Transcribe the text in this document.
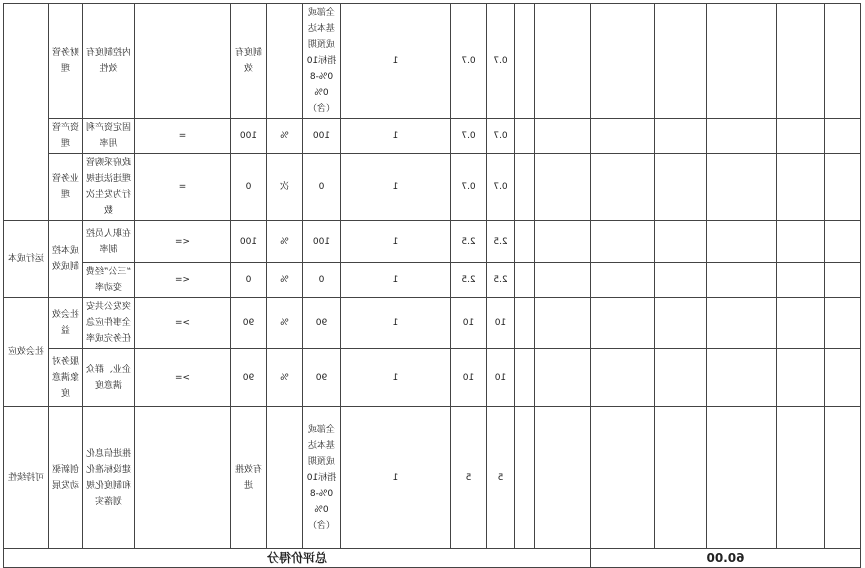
							0.7	0.7	1	全部或基本达成预期指标100%-80%（含）		制度有效		内控制度有效性	财务管理	
							0.7	0.7	1	100	%	100	=	固定资产利用率	资产管理	
							0.7	0.7	1	0	次	0	=	政府采购管理违法违规行为发生次数	业务管理	
							2.5	2.5	1	100	%	100	<=	在职人员控制率	成本控制成效	运行成本
							2.5	2.5	1	0	%	0	<=	“三公”经费变动率		
							10	10	1	90	%	90	>=	突发公共安全事件应急任务完成率	社会效益	社会效应
							10	10	1	90	%	90	>=	企业、群众满意度	服务对象满意度	
							5	5	1	全部或基本达成预期指标100%-80%（含）		有效推进		推进信息化建设标准化和制度化规划落实	创新驱动发展	可持续性
60.00					总评价得分											
